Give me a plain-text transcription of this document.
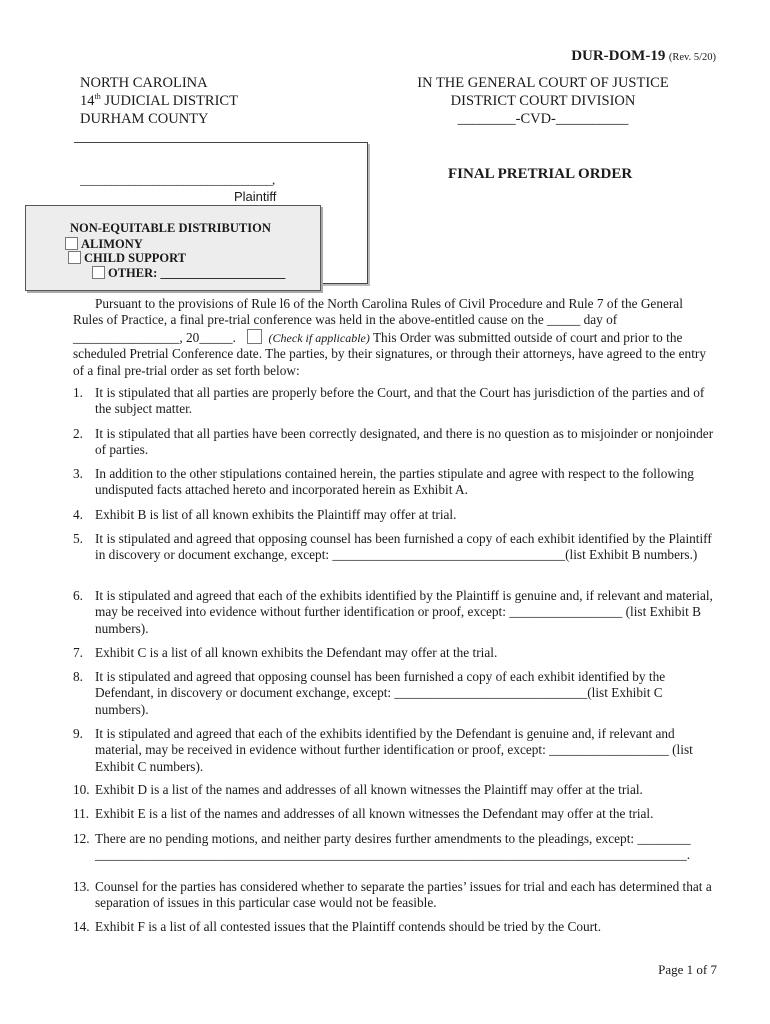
DUR-DOM-19 (Rev. 5/20)
NORTH CAROLINA
14th JUDICIAL DISTRICT
DURHAM COUNTY
IN THE GENERAL COURT OF JUSTICE
DISTRICT COURT DIVISION
________-CVD-__________
________________________________,
Plaintiff
NON-EQUITABLE DISTRIBUTION
ALIMONY
CHILD SUPPORT
OTHER: ____________________
FINAL PRETRIAL ORDER

Pursuant to the provisions of Rule l6 of the North Carolina Rules of Civil Procedure and Rule 7 of the General Rules of Practice, a final pre-trial conference was held in the above-entitled cause on the _____ day of ________________, 20_____.	(Check if applicable) This Order was submitted outside of court and prior to the scheduled Pretrial Conference date. The parties, by their signatures, or through their attorneys, have agreed to the entry of a final pre-trial order as set forth below:

1. It is stipulated that all parties are properly before the Court, and that the Court has jurisdiction of the parties and of the subject matter.
2. It is stipulated that all parties have been correctly designated, and there is no question as to misjoinder or nonjoinder of parties.
3. In addition to the other stipulations contained herein, the parties stipulate and agree with respect to the following undisputed facts attached hereto and incorporated herein as Exhibit A.
4. Exhibit B is list of all known exhibits the Plaintiff may offer at trial.
5. It is stipulated and agreed that opposing counsel has been furnished a copy of each exhibit identified by the Plaintiff in discovery or document exchange, except: ___________________________________(list Exhibit B numbers.)
6. It is stipulated and agreed that each of the exhibits identified by the Plaintiff is genuine and, if relevant and material, may be received into evidence without further identification or proof, except: _________________ (list Exhibit B numbers).
7. Exhibit C is a list of all known exhibits the Defendant may offer at the trial.
8. It is stipulated and agreed that opposing counsel has been furnished a copy of each exhibit identified by the Defendant, in discovery or document exchange, except: _____________________________(list Exhibit C numbers).
9. It is stipulated and agreed that each of the exhibits identified by the Defendant is genuine and, if relevant and material, may be received in evidence without further identification or proof, except: __________________ (list Exhibit C numbers).
10. Exhibit D is a list of the names and addresses of all known witnesses the Plaintiff may offer at the trial.
11. Exhibit E is a list of the names and addresses of all known witnesses the Defendant may offer at the trial.
12. There are no pending motions, and neither party desires further amendments to the pleadings, except: ________ _________________________________________________________________________________________.
13. Counsel for the parties has considered whether to separate the parties’ issues for trial and each has determined that a separation of issues in this particular case would not be feasible.
14. Exhibit F is a list of all contested issues that the Plaintiff contends should be tried by the Court.
Page 1 of 7
